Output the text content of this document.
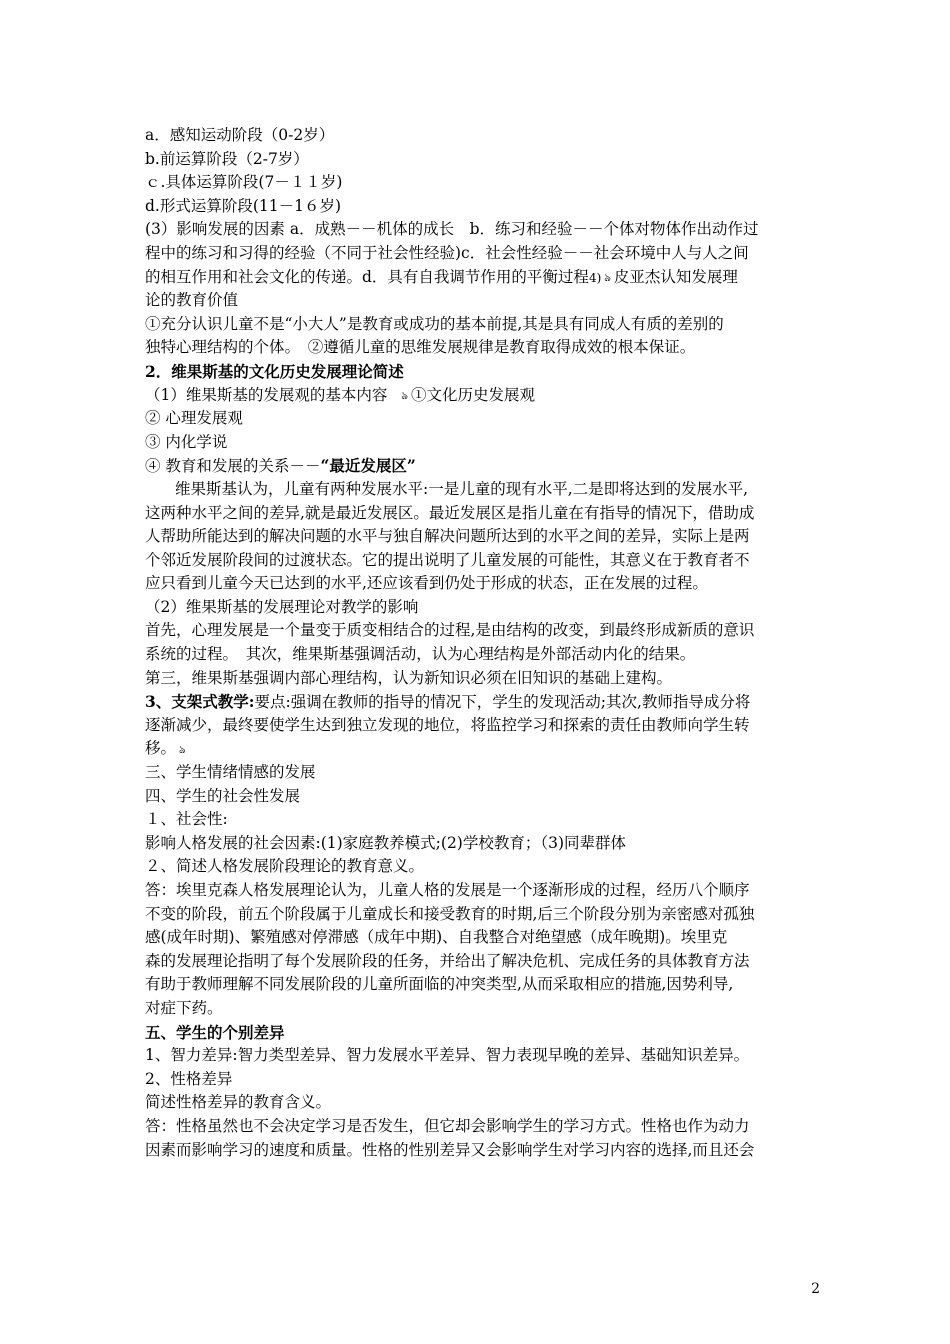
a．感知运动阶段（0-2岁）
b.前运算阶段（2-7岁）
ｃ.具体运算阶段(7－１１岁)
d.形式运算阶段(11－1６岁)
(3）影响发展的因素 a．成熟－－机体的成长　b．练习和经验－－个体对物体作出动作过
程中的练习和习得的经验（不同于社会性经验)c．社会性经验－－社会环境中人与人之间
的相互作用和社会文化的传递。d．具有自我调节作用的平衡过程4) ঌ 皮亚杰认知发展理
论的教育价值
①充分认识儿童不是“小大人”是教育或成功的基本前提,其是具有同成人有质的差别的
独特心理结构的个体。　②遵循儿童的思维发展规律是教育取得成效的根本保证。
2．维果斯基的文化历史发展理论简述
（1）维果斯基的发展观的基本内容 ঌ ①文化历史发展观
② 心理发展观
③ 内化学说
④ 教育和发展的关系－－“最近发展区”
维果斯基认为，儿童有两种发展水平:一是儿童的现有水平,二是即将达到的发展水平,
这两种水平之间的差异,就是最近发展区。最近发展区是指儿童在有指导的情况下，借助成
人帮助所能达到的解决问题的水平与独自解决问题所达到的水平之间的差异，实际上是两
个邻近发展阶段间的过渡状态。它的提出说明了儿童发展的可能性，其意义在于教育者不
应只看到儿童今天已达到的水平,还应该看到仍处于形成的状态，正在发展的过程。
（2）维果斯基的发展理论对教学的影响
首先，心理发展是一个量变于质变相结合的过程,是由结构的改变，到最终形成新质的意识
系统的过程。　其次，维果斯基强调活动，认为心理结构是外部活动内化的结果。
第三，维果斯基强调内部心理结构，认为新知识必须在旧知识的基础上建构。
3、支架式教学:要点:强调在教师的指导的情况下，学生的发现活动;其次,教师指导成分将
逐渐减少，最终要使学生达到独立发现的地位，将监控学习和探索的责任由教师向学生转
移。 ঌ
三、学生情绪情感的发展
四、学生的社会性发展
１、社会性:
影响人格发展的社会因素:(1)家庭教养模式;(2)学校教育；（3)同辈群体
２、简述人格发展阶段理论的教育意义。
答：埃里克森人格发展理论认为，儿童人格的发展是一个逐渐形成的过程，经历八个顺序
不变的阶段，前五个阶段属于儿童成长和接受教育的时期,后三个阶段分别为亲密感对孤独
感(成年时期)、繁殖感对停滞感（成年中期)、自我整合对绝望感（成年晚期)。埃里克
森的发展理论指明了每个发展阶段的任务，并给出了解决危机、完成任务的具体教育方法
有助于教师理解不同发展阶段的儿童所面临的冲突类型,从而采取相应的措施,因势利导,
对症下药。
五、学生的个别差异
1、智力差异:智力类型差异、智力发展水平差异、智力表现早晚的差异、基础知识差异。
2、性格差异
简述性格差异的教育含义。
答：性格虽然也不会决定学习是否发生，但它却会影响学生的学习方式。性格也作为动力
因素而影响学习的速度和质量。性格的性别差异又会影响学生对学习内容的选择,而且还会
2
